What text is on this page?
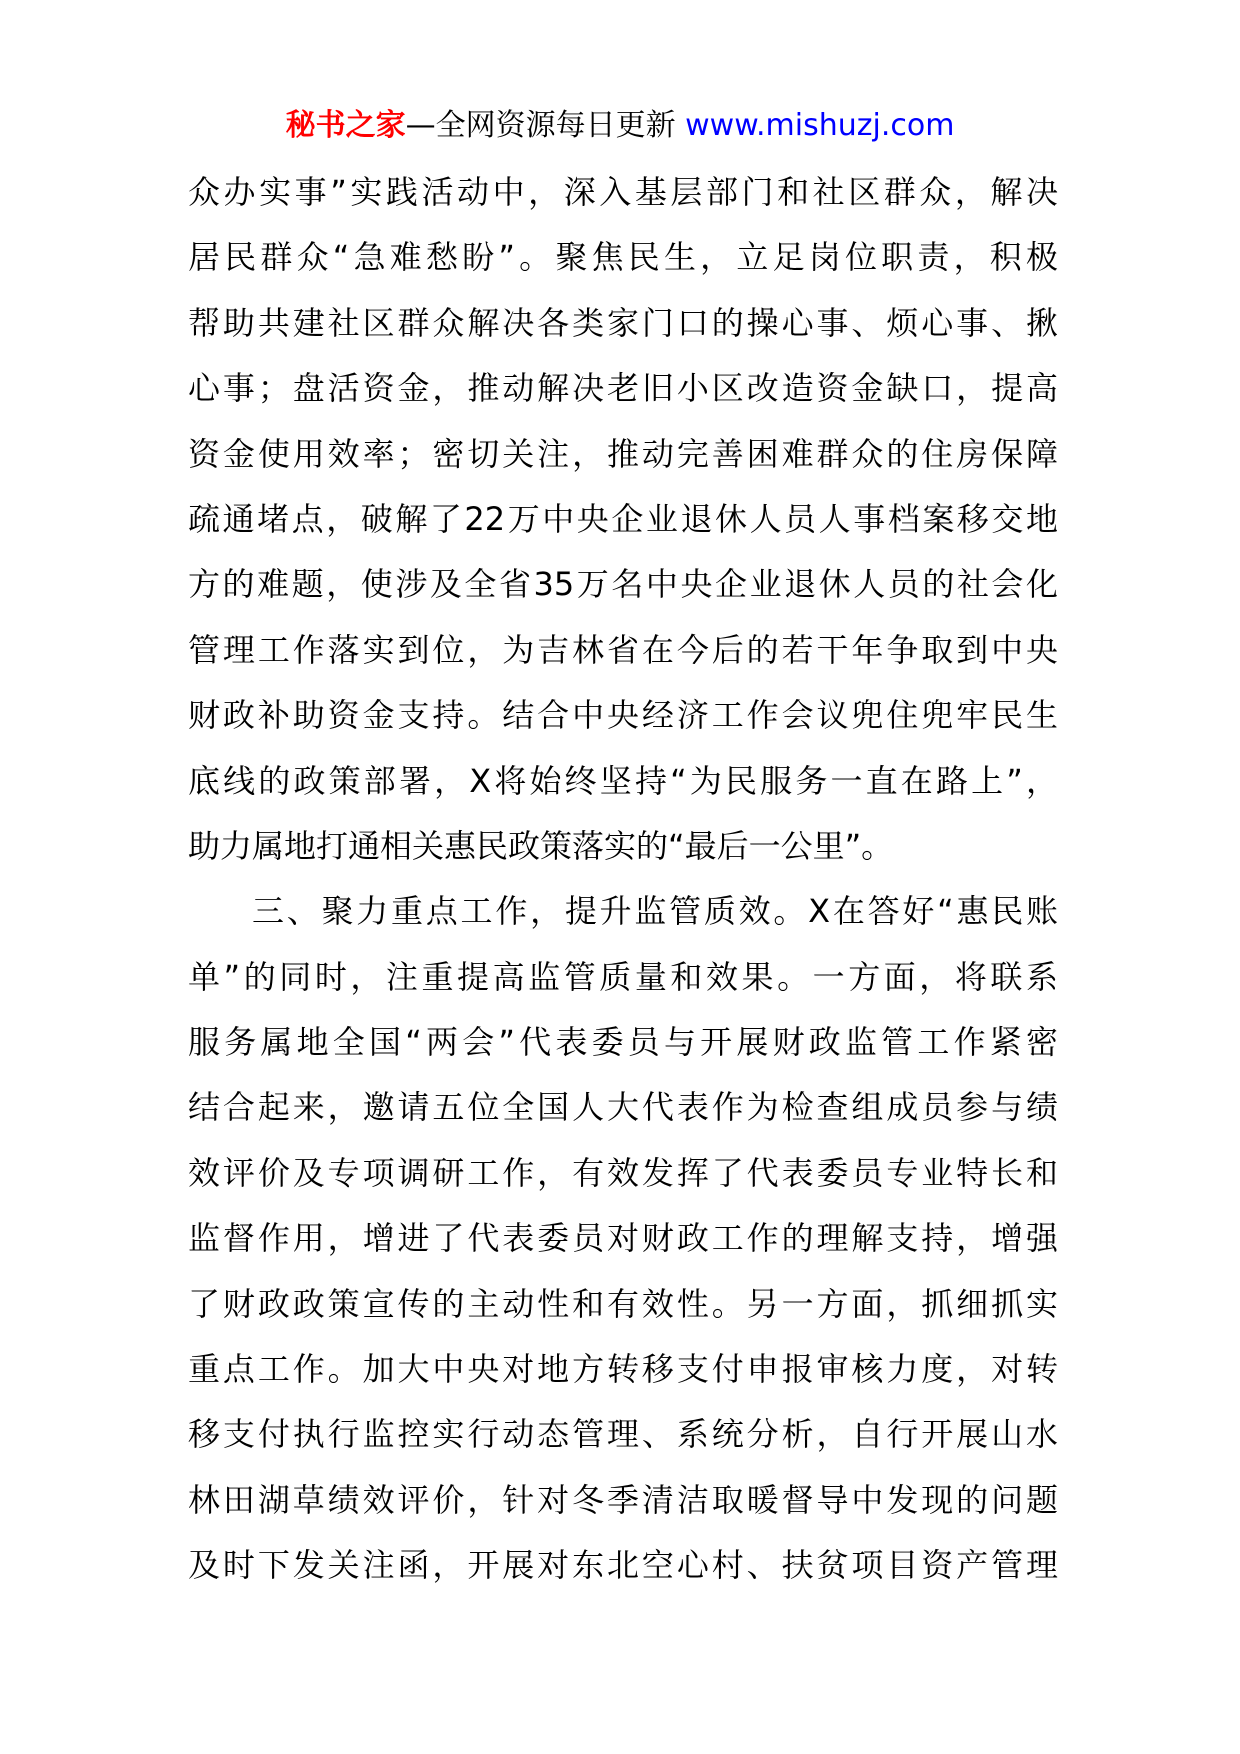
秘书之家—全网资源每日更新 www.mishuzj.com
众办实事”实践活动中，深入基层部门和社区群众，解决
居民群众“急难愁盼”。聚焦民生，立足岗位职责，积极
帮助共建社区群众解决各类家门口的操心事、烦心事、揪
心事；盘活资金，推动解决老旧小区改造资金缺口，提高
资金使用效率；密切关注，推动完善困难群众的住房保障
疏通堵点，破解了22万中央企业退休人员人事档案移交地
方的难题，使涉及全省35万名中央企业退休人员的社会化
管理工作落实到位，为吉林省在今后的若干年争取到中央
财政补助资金支持。结合中央经济工作会议兜住兜牢民生
底线的政策部署，X将始终坚持“为民服务一直在路上”，
助力属地打通相关惠民政策落实的“最后一公里”。
三、聚力重点工作，提升监管质效。X在答好“惠民账
单”的同时，注重提高监管质量和效果。一方面，将联系
服务属地全国“两会”代表委员与开展财政监管工作紧密
结合起来，邀请五位全国人大代表作为检查组成员参与绩
效评价及专项调研工作，有效发挥了代表委员专业特长和
监督作用，增进了代表委员对财政工作的理解支持，增强
了财政政策宣传的主动性和有效性。另一方面，抓细抓实
重点工作。加大中央对地方转移支付申报审核力度，对转
移支付执行监控实行动态管理、系统分析，自行开展山水
林田湖草绩效评价，针对冬季清洁取暖督导中发现的问题
及时下发关注函，开展对东北空心村、扶贫项目资产管理
